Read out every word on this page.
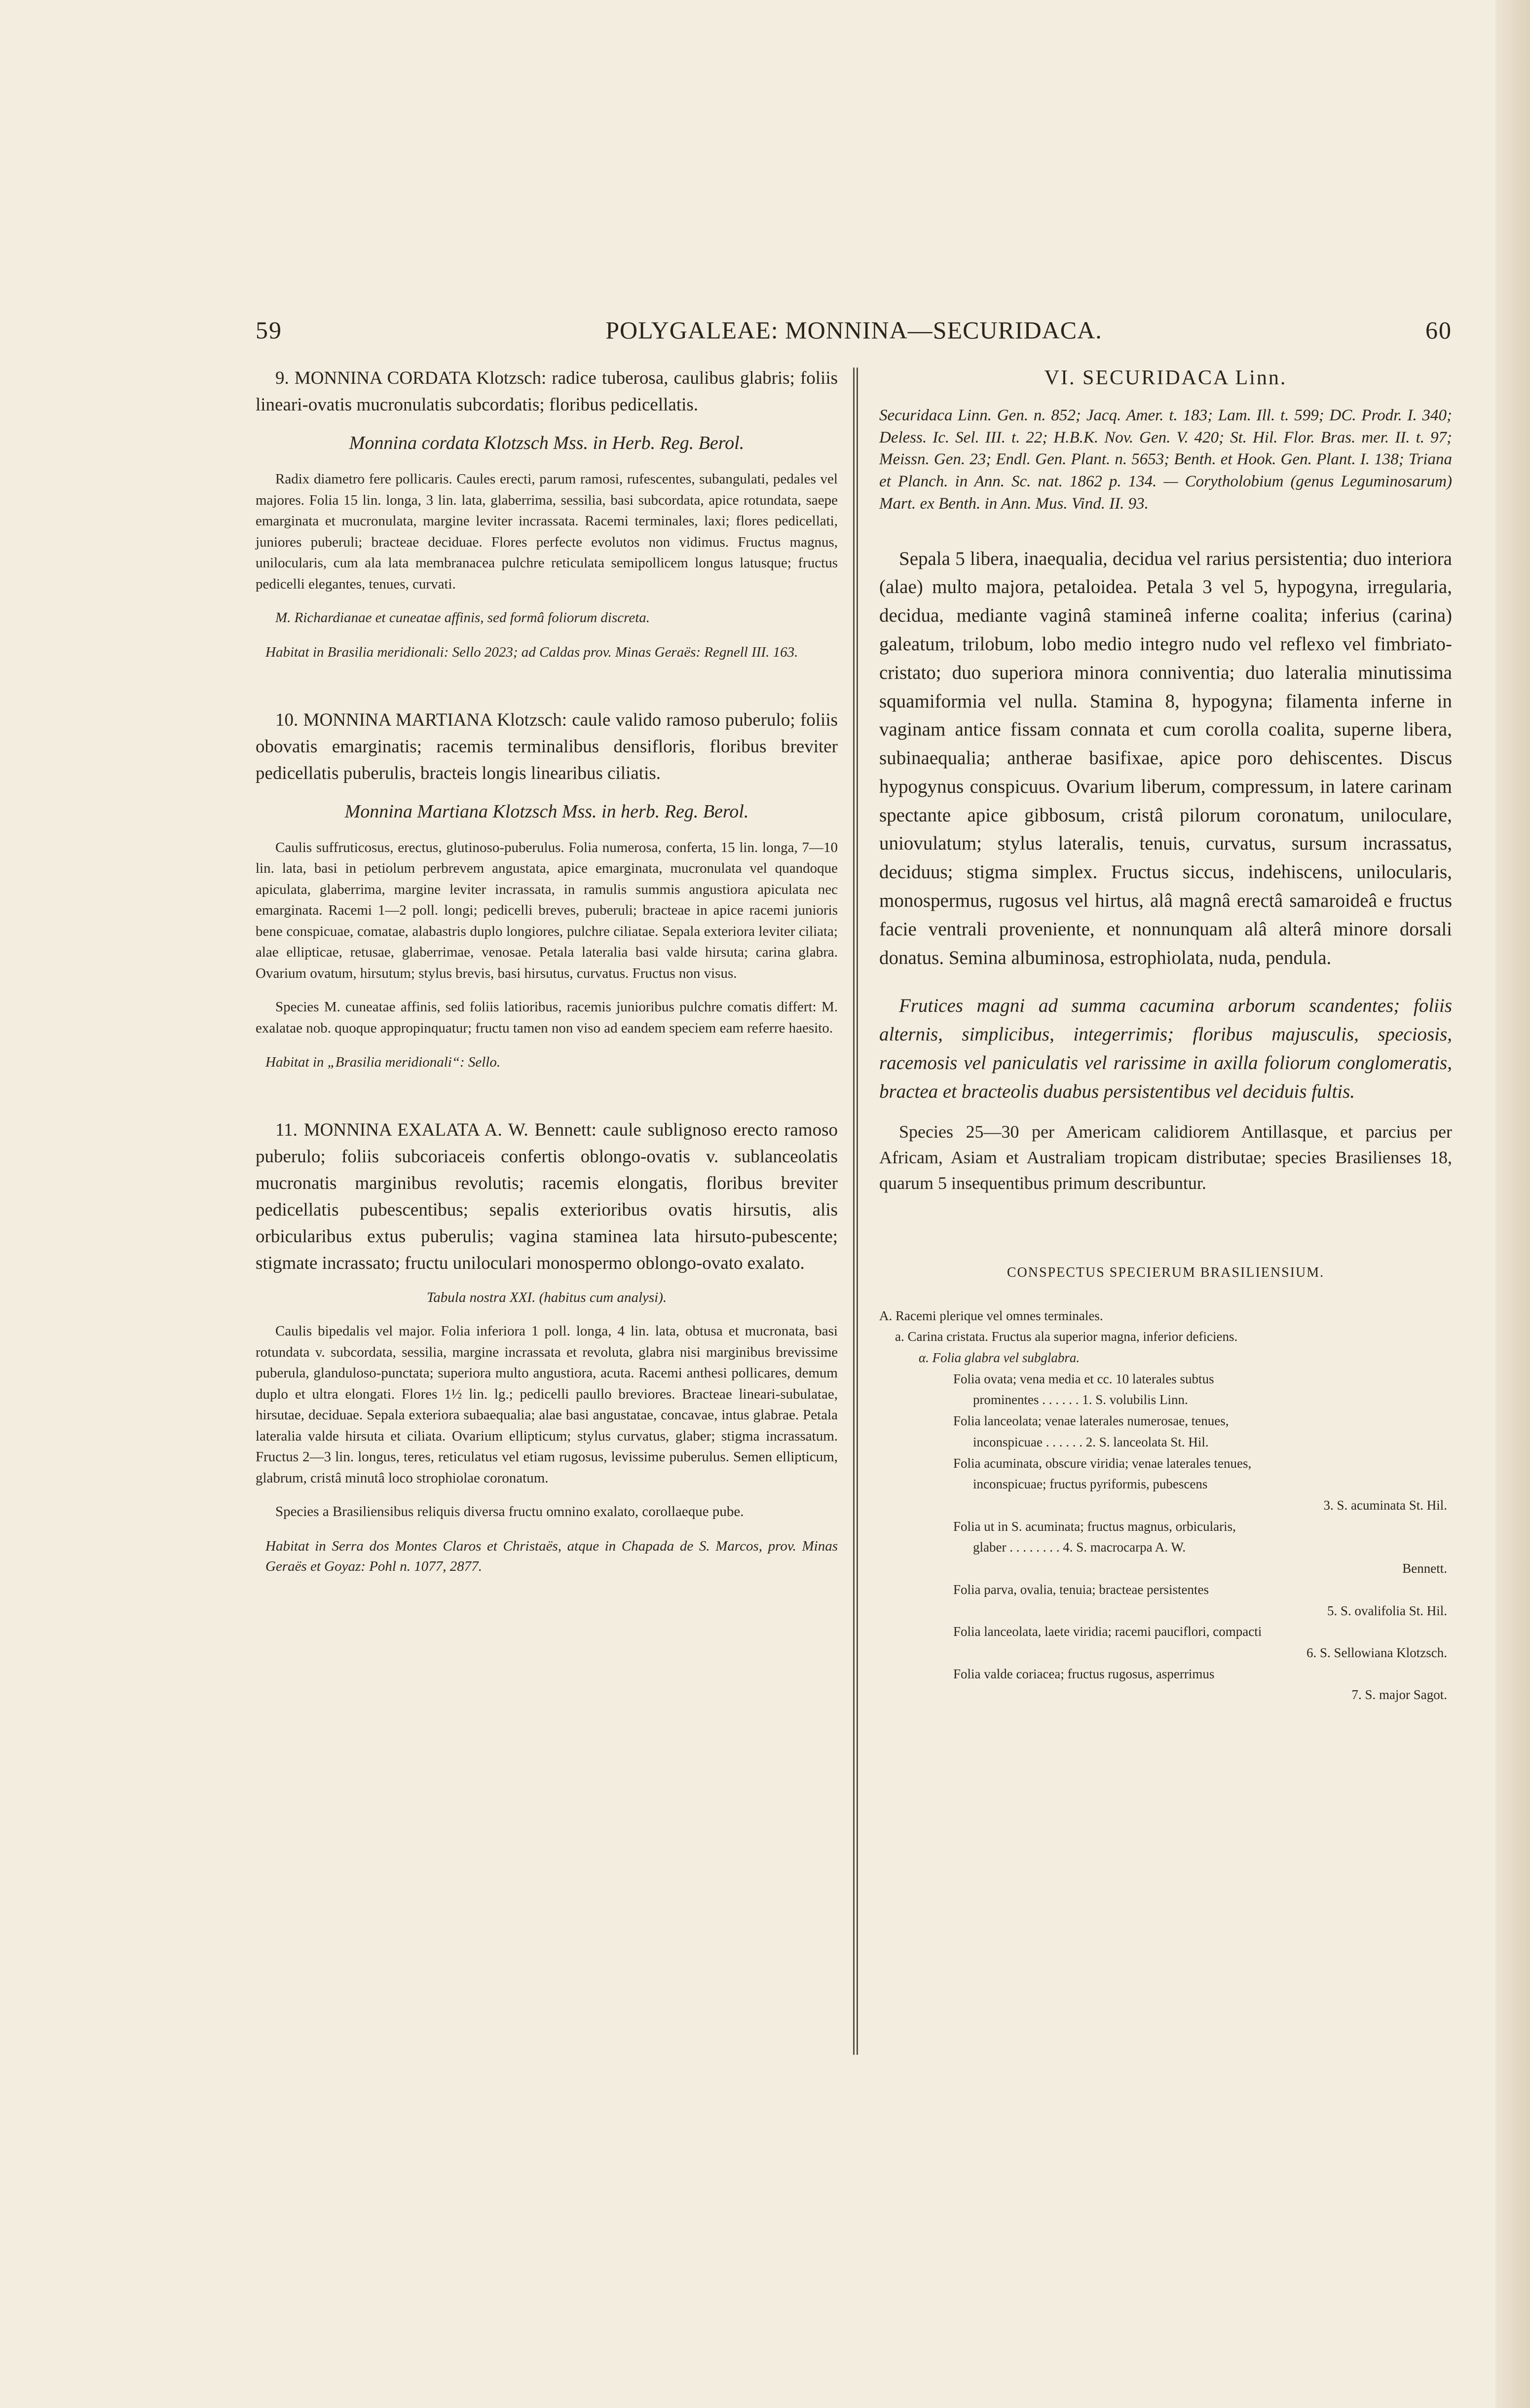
59	POLYGALEAE: MONNINA—SECURIDACA.	60

9. MONNINA CORDATA Klotzsch: radice tuberosa, caulibus glabris; foliis lineari-ovatis mucronulatis subcordatis; floribus pedicellatis.

Monnina cordata Klotzsch Mss. in Herb. Reg. Berol.

Radix diametro fere pollicaris. Caules erecti, parum ramosi, rufescentes, subangulati, pedales vel majores. Folia 15 lin. longa, 3 lin. lata, glaberrima, sessilia, basi subcordata, apice rotundata, saepe emarginata et mucronulata, margine leviter incrassata. Racemi terminales, laxi; flores pedicellati, juniores puberuli; bracteae deciduae. Flores perfecte evolutos non vidimus. Fructus magnus, unilocularis, cum ala lata membranacea pulchre reticulata semipollicem longus latusque; fructus pedicelli elegantes, tenues, curvati.

M. Richardianae et cuneatae affinis, sed formâ foliorum discreta.

Habitat in Brasilia meridionali: Sello 2023; ad Caldas prov. Minas Geraës: Regnell III. 163.

10. MONNINA MARTIANA Klotzsch: caule valido ramoso puberulo; foliis obovatis emarginatis; racemis terminalibus densifloris, floribus breviter pedicellatis puberulis, bracteis longis linearibus ciliatis.

Monnina Martiana Klotzsch Mss. in herb. Reg. Berol.

Caulis suffruticosus, erectus, glutinoso-puberulus. Folia numerosa, conferta, 15 lin. longa, 7—10 lin. lata, basi in petiolum perbrevem angustata, apice emarginata, mucronulata vel quandoque apiculata, glaberrima, margine leviter incrassata, in ramulis summis angustiora apiculata nec emarginata. Racemi 1—2 poll. longi; pedicelli breves, puberuli; bracteae in apice racemi junioris bene conspicuae, comatae, alabastris duplo longiores, pulchre ciliatae. Sepala exteriora leviter ciliata; alae ellipticae, retusae, glaberrimae, venosae. Petala lateralia basi valde hirsuta; carina glabra. Ovarium ovatum, hirsutum; stylus brevis, basi hirsutus, curvatus. Fructus non visus.

Species M. cuneatae affinis, sed foliis latioribus, racemis junioribus pulchre comatis differt: M. exalatae nob. quoque appropinquatur; fructu tamen non viso ad eandem speciem eam referre haesito.

Habitat in „Brasilia meridionali“: Sello.

11. MONNINA EXALATA A. W. Bennett: caule sublignoso erecto ramoso puberulo; foliis subcoriaceis confertis oblongo-ovatis v. sublanceolatis mucronatis marginibus revolutis; racemis elongatis, floribus breviter pedicellatis pubescentibus; sepalis exterioribus ovatis hirsutis, alis orbicularibus extus puberulis; vagina staminea lata hirsuto-pubescente; stigmate incrassato; fructu uniloculari monospermo oblongo-ovato exalato.

Tabula nostra XXI. (habitus cum analysi).

Caulis bipedalis vel major. Folia inferiora 1 poll. longa, 4 lin. lata, obtusa et mucronata, basi rotundata v. subcordata, sessilia, margine incrassata et revoluta, glabra nisi marginibus brevissime puberula, glanduloso-punctata; superiora multo angustiora, acuta. Racemi anthesi pollicares, demum duplo et ultra elongati. Flores 1½ lin. lg.; pedicelli paullo breviores. Bracteae lineari-subulatae, hirsutae, deciduae. Sepala exteriora subaequalia; alae basi angustatae, concavae, intus glabrae. Petala lateralia valde hirsuta et ciliata. Ovarium ellipticum; stylus curvatus, glaber; stigma incrassatum. Fructus 2—3 lin. longus, teres, reticulatus vel etiam rugosus, levissime puberulus. Semen ellipticum, glabrum, cristâ minutâ loco strophiolae coronatum.

Species a Brasiliensibus reliquis diversa fructu omnino exalato, corollaeque pube.

Habitat in Serra dos Montes Claros et Christaës, atque in Chapada de S. Marcos, prov. Minas Geraës et Goyaz: Pohl n. 1077, 2877.

VI. SECURIDACA Linn.

Securidaca Linn. Gen. n. 852; Jacq. Amer. t. 183; Lam. Ill. t. 599; DC. Prodr. I. 340; Deless. Ic. Sel. III. t. 22; H.B.K. Nov. Gen. V. 420; St. Hil. Flor. Bras. mer. II. t. 97; Meissn. Gen. 23; Endl. Gen. Plant. n. 5653; Benth. et Hook. Gen. Plant. I. 138; Triana et Planch. in Ann. Sc. nat. 1862 p. 134. — Corytholobium (genus Leguminosarum) Mart. ex Benth. in Ann. Mus. Vind. II. 93.

Sepala 5 libera, inaequalia, decidua vel rarius persistentia; duo interiora (alae) multo majora, petaloidea. Petala 3 vel 5, hypogyna, irregularia, decidua, mediante vaginâ stamineâ inferne coalita; inferius (carina) galeatum, trilobum, lobo medio integro nudo vel reflexo vel fimbriato-cristato; duo superiora minora conniventia; duo lateralia minutissima squamiformia vel nulla. Stamina 8, hypogyna; filamenta inferne in vaginam antice fissam connata et cum corolla coalita, superne libera, subinaequalia; antherae basifixae, apice poro dehiscentes. Discus hypogynus conspicuus. Ovarium liberum, compressum, in latere carinam spectante apice gibbosum, cristâ pilorum coronatum, uniloculare, uniovulatum; stylus lateralis, tenuis, curvatus, sursum incrassatus, deciduus; stigma simplex. Fructus siccus, indehiscens, unilocularis, monospermus, rugosus vel hirtus, alâ magnâ erectâ samaroideâ e fructus facie ventrali proveniente, et nonnunquam alâ alterâ minore dorsali donatus. Semina albuminosa, estrophiolata, nuda, pendula.

Frutices magni ad summa cacumina arborum scandentes; foliis alternis, simplicibus, integerrimis; floribus majusculis, speciosis, racemosis vel paniculatis vel rarissime in axilla foliorum conglomeratis, bractea et bracteolis duabus persistentibus vel deciduis fultis.

Species 25—30 per Americam calidiorem Antillasque, et parcius per Africam, Asiam et Australiam tropicam distributae; species Brasilienses 18, quarum 5 insequentibus primum describuntur.

CONSPECTUS SPECIERUM BRASILIENSIUM.

A. Racemi plerique vel omnes terminales.
a. Carina cristata. Fructus ala superior magna, inferior deficiens.
α. Folia glabra vel subglabra.
Folia ovata; vena media et cc. 10 laterales subtus
prominentes . . . . . . 1. S. volubilis Linn.
Folia lanceolata; venae laterales numerosae, tenues,
inconspicuae . . . . . . 2. S. lanceolata St. Hil.
Folia acuminata, obscure viridia; venae laterales tenues,
inconspicuae; fructus pyriformis, pubescens
3. S. acuminata St. Hil.
Folia ut in S. acuminata; fructus magnus, orbicularis,
glaber . . . . . . . . 4. S. macrocarpa A. W.
Bennett.
Folia parva, ovalia, tenuia; bracteae persistentes
5. S. ovalifolia St. Hil.
Folia lanceolata, laete viridia; racemi pauciflori, compacti
6. S. Sellowiana Klotzsch.
Folia valde coriacea; fructus rugosus, asperrimus
7. S. major Sagot.
